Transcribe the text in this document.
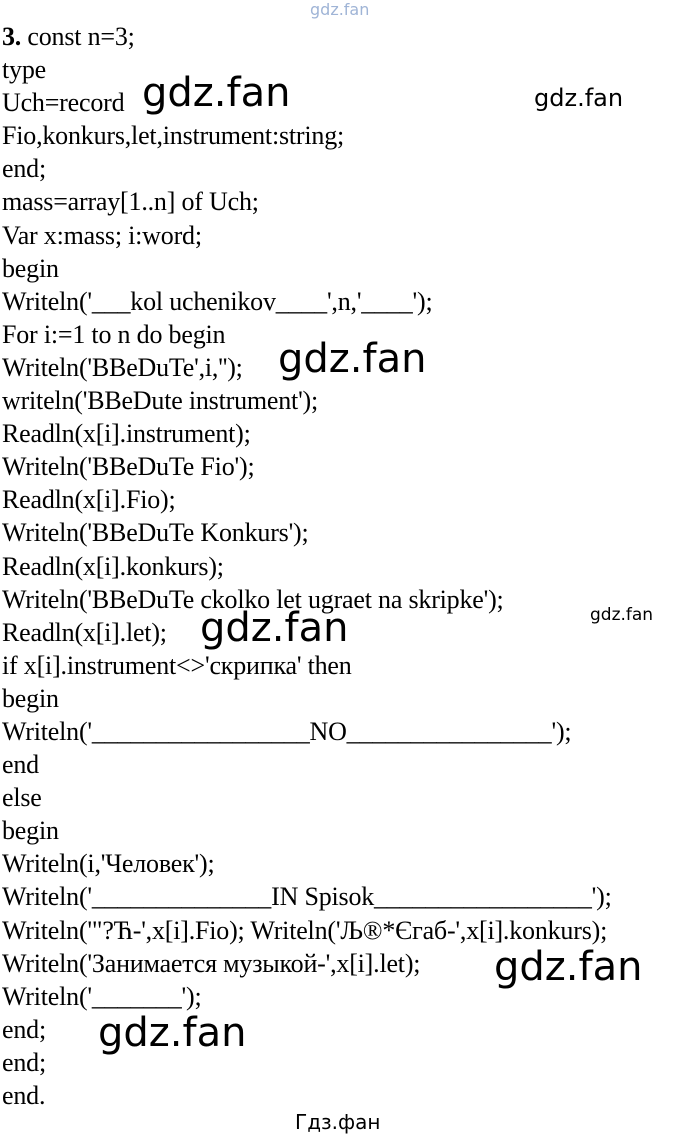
gdz.fan
3. const n=3;
type
Uch=record
Fio,konkurs,let,instrument:string;
end;
mass=array[1..n] of Uch;
Var x:mass; i:word;
begin
Writeln('___kol uchenikov____',n,'____');
For i:=1 to n do begin
Writeln('BBeDuTe',i,'');
writeln('BBeDute instrument');
Readln(x[i].instrument);
Writeln('BBeDuTe Fio');
Readln(x[i].Fio);
Writeln('BBeDuTe Konkurs');
Readln(x[i].konkurs);
Writeln('BBeDuTe ckolko let ugraet na skripke');
Readln(x[i].let);
if x[i].instrument<>'скрипка' then
begin
Writeln('_________________NO________________');
end
else
begin
Writeln(i,'Человек');
Writeln('______________IN Spisok_________________');
Writeln('"?Ћ-',x[i].Fio); Writeln('Љ®*Єгаб-',x[i].konkurs);
Writeln('Занимается музыкой-',x[i].let);
Writeln('_______');
end;
end;
end.
gdz.fan	gdz.fan
gdz.fan
gdz.fan
gdz.fan
gdz.fan
gdz.fan
Гдз.фан
